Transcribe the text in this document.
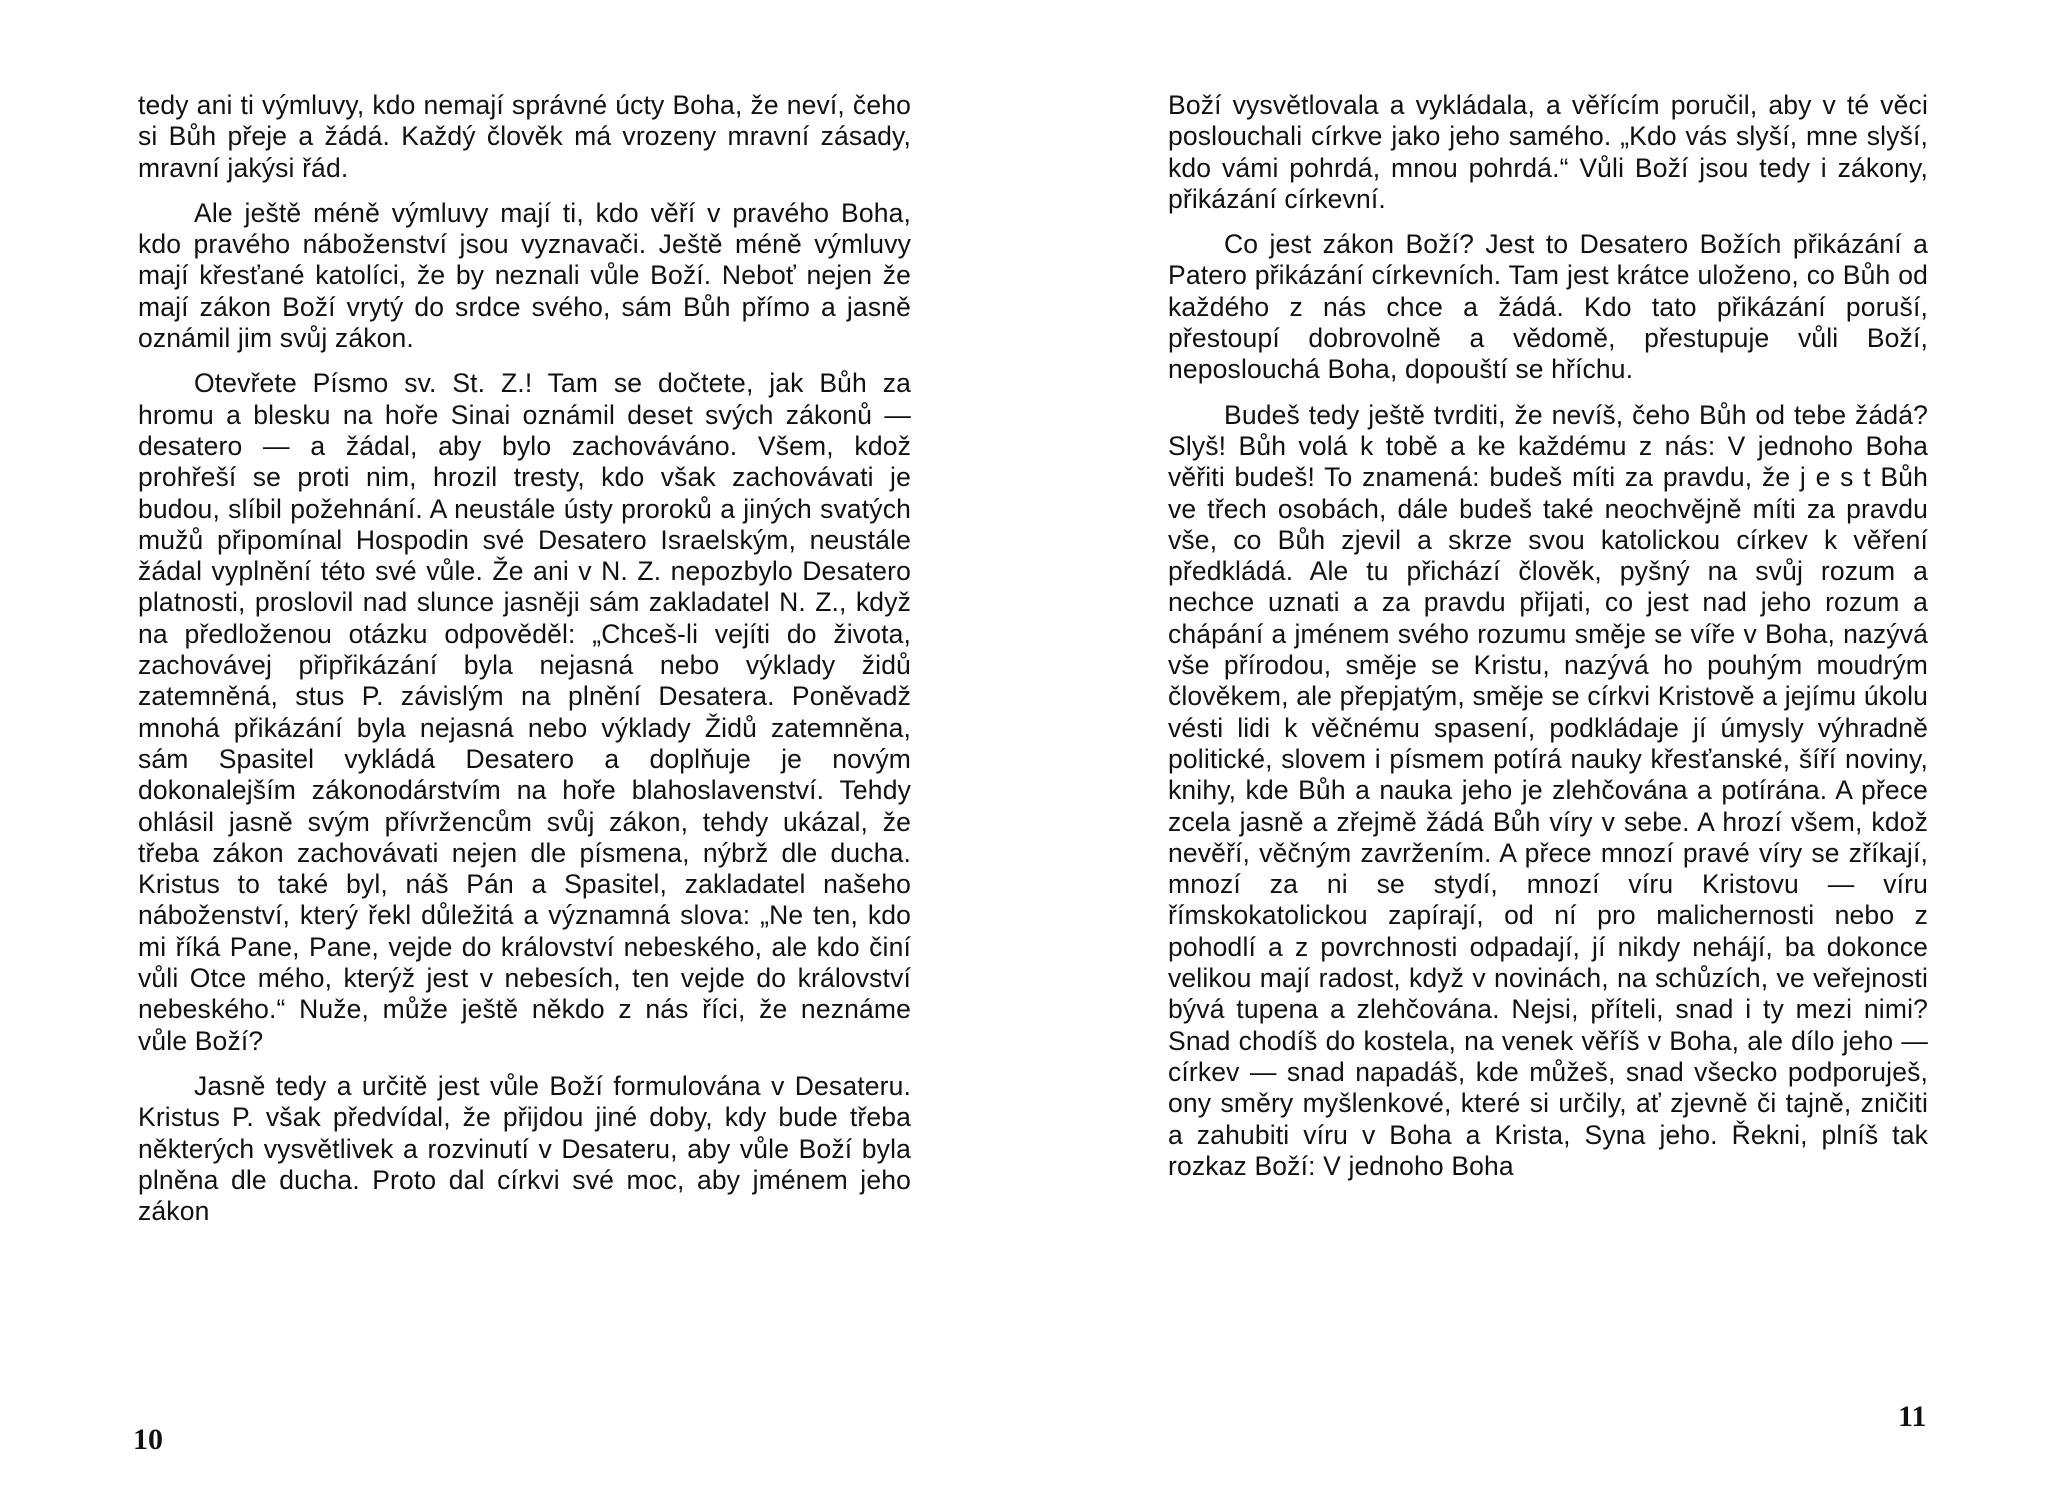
tedy ani ti výmluvy, kdo nemají správné úcty Boha, že neví, čeho si Bůh přeje a žádá. Každý člověk má vrozeny mravní zásady, mravní jakýsi řád.

Ale ještě méně výmluvy mají ti, kdo věří v pravého Boha, kdo pravého náboženství jsou vyznavači. Ještě méně výmluvy mají křesťané katolíci, že by neznali vůle Boží. Neboť nejen že mají zákon Boží vrytý do srdce svého, sám Bůh přímo a jasně oznámil jim svůj zákon.

Otevřete Písmo sv. St. Z.! Tam se dočtete, jak Bůh za hromu a blesku na hoře Sinai oznámil deset svých zákonů — desatero — a žádal, aby bylo zachováváno. Všem, kdož prohřeší se proti nim, hrozil tresty, kdo však zachovávati je budou, slíbil požehnání. A neustále ústy proroků a jiných svatých mužů připomínal Hospodin své Desatero Israelským, neustále žádal vyplnění této své vůle. Že ani v N. Z. nepozbylo Desatero platnosti, proslovil nad slunce jasněji sám zakladatel N. Z., když na předloženou otázku odpověděl: „Chceš-li vejíti do života, zachovávej připřikázání byla nejasná nebo výklady židů zatemněná, stus P. závislým na plnění Desatera. Poněvadž mnohá přikázání byla nejasná nebo výklady Židů zatemněna, sám Spasitel vykládá Desatero a doplňuje je novým dokonalejším zákonodárstvím na hoře blahoslavenství. Tehdy ohlásil jasně svým přívržencům svůj zákon, tehdy ukázal, že třeba zákon zachovávati nejen dle písmena, nýbrž dle ducha. Kristus to také byl, náš Pán a Spasitel, zakladatel našeho náboženství, který řekl důležitá a významná slova: „Ne ten, kdo mi říká Pane, Pane, vejde do království nebeského, ale kdo činí vůli Otce mého, kterýž jest v nebesích, ten vejde do království nebeského.“ Nuže, může ještě někdo z nás říci, že neznáme vůle Boží?

Jasně tedy a určitě jest vůle Boží formulována v Desateru. Kristus P. však předvídal, že přijdou jiné doby, kdy bude třeba některých vysvětlivek a rozvinutí v Desateru, aby vůle Boží byla plněna dle ducha. Proto dal církvi své moc, aby jménem jeho zákon

Boží vysvětlovala a vykládala, a věřícím poručil, aby v té věci poslouchali církve jako jeho samého. „Kdo vás slyší, mne slyší, kdo vámi pohrdá, mnou pohrdá.“ Vůli Boží jsou tedy i zákony, přikázání církevní.

Co jest zákon Boží? Jest to Desatero Božích přikázání a Patero přikázání církevních. Tam jest krátce uloženo, co Bůh od každého z nás chce a žádá. Kdo tato přikázání poruší, přestoupí dobrovolně a vědomě, přestupuje vůli Boží, neposlouchá Boha, dopouští se hříchu.

Budeš tedy ještě tvrditi, že nevíš, čeho Bůh od tebe žádá? Slyš! Bůh volá k tobě a ke každému z nás: V jednoho Boha věřiti budeš! To znamená: budeš míti za pravdu, že j e s t Bůh ve třech osobách, dále budeš také neochvějně míti za pravdu vše, co Bůh zjevil a skrze svou katolickou církev k věření předkládá. Ale tu přichází člověk, pyšný na svůj rozum a nechce uznati a za pravdu přijati, co jest nad jeho rozum a chápání a jménem svého rozumu směje se víře v Boha, nazývá vše přírodou, směje se Kristu, nazývá ho pouhým moudrým člověkem, ale přepjatým, směje se církvi Kristově a jejímu úkolu vésti lidi k věčnému spasení, podkládaje jí úmysly výhradně politické, slovem i písmem potírá nauky křesťanské, šíří noviny, knihy, kde Bůh a nauka jeho je zlehčována a potírána. A přece zcela jasně a zřejmě žádá Bůh víry v sebe. A hrozí všem, kdož nevěří, věčným zavržením. A přece mnozí pravé víry se zříkají, mnozí za ni se stydí, mnozí víru Kristovu — víru římskokatolickou zapírají, od ní pro malichernosti nebo z pohodlí a z povrchnosti odpadají, jí nikdy nehájí, ba dokonce velikou mají radost, když v novinách, na schůzích, ve veřejnosti bývá tupena a zlehčována. Nejsi, příteli, snad i ty mezi nimi? Snad chodíš do kostela, na venek věříš v Boha, ale dílo jeho — církev — snad napadáš, kde můžeš, snad všecko podporuješ, ony směry myšlenkové, které si určily, ať zjevně či tajně, zničiti a zahubiti víru v Boha a Krista, Syna jeho. Řekni, plníš tak rozkaz Boží: V jednoho Boha

10
11
